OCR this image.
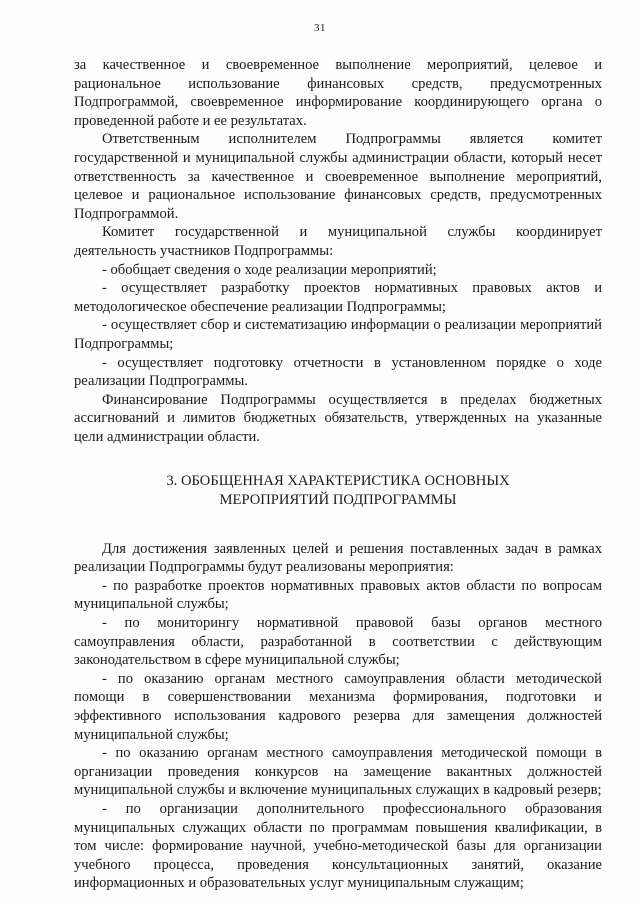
31

за качественное и своевременное выполнение мероприятий, целевое и рациональное использование финансовых средств, предусмотренных Подпрограммой, своевременное информирование координирующего органа о проведенной работе и ее результатах.

Ответственным исполнителем Подпрограммы является комитет государственной и муниципальной службы администрации области, который несет ответственность за качественное и своевременное выполнение мероприятий, целевое и рациональное использование финансовых средств, предусмотренных Подпрограммой.

Комитет государственной и муниципальной службы координирует деятельность участников Подпрограммы:

- обобщает сведения о ходе реализации мероприятий;

- осуществляет разработку проектов нормативных правовых актов и методологическое обеспечение реализации Подпрограммы;

- осуществляет сбор и систематизацию информации о реализации мероприятий Подпрограммы;

- осуществляет подготовку отчетности в установленном порядке о ходе реализации Подпрограммы.

Финансирование Подпрограммы осуществляется в пределах бюджетных ассигнований и лимитов бюджетных обязательств, утвержденных на указанные цели администрации области.

3. ОБОБЩЕННАЯ ХАРАКТЕРИСТИКА ОСНОВНЫХ
МЕРОПРИЯТИЙ ПОДПРОГРАММЫ

Для достижения заявленных целей и решения поставленных задач в рамках реализации Подпрограммы будут реализованы мероприятия:

- по разработке проектов нормативных правовых актов области по вопросам муниципальной службы;

- по мониторингу нормативной правовой базы органов местного самоуправления области, разработанной в соответствии с действующим законодательством в сфере муниципальной службы;

- по оказанию органам местного самоуправления области методической помощи в совершенствовании механизма формирования, подготовки и эффективного использования кадрового резерва для замещения должностей муниципальной службы;

- по оказанию органам местного самоуправления методической помощи в организации проведения конкурсов на замещение вакантных должностей муниципальной службы и включение муниципальных служащих в кадровый резерв;

- по организации дополнительного профессионального образования муниципальных служащих области по программам повышения квалификации, в том числе: формирование научной, учебно-методической базы для организации учебного процесса, проведения консультационных занятий, оказание информационных и образовательных услуг муниципальным служащим;
